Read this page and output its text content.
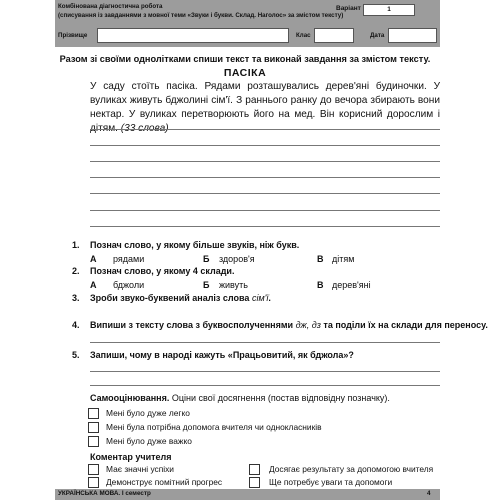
Комбінована діагностична робота
(списування із завданнями з мовної теми «Звуки і букви. Склад. Наголос» за змістом тексту)
Варіант	1
Прізвище	Клас	Дата
Разом зі своїми однолітками спиши текст та виконай завдання за змістом тексту.
ПАСІКА
У саду стоїть пасіка. Рядами розташувались дерев'яні будиночки. У вуликах живуть бджолині сім'ї. З раннього ранку до вечора збирають вони нектар. У вуликах перетворюють його на мед. Він корисний дорослим і дітям. (33 слова)
1. Познач слово, у якому більше звуків, ніж букв.
А рядами	Б здоров'я	В дітям
2. Познач слово, у якому 4 склади.
А бджоли	Б живуть	В дерев'яні
3. Зроби звуко-буквений аналіз слова сім'ї.
4. Випиши з тексту слова з буквосполученнями дж, дз та поділи їх на склади для переносу.
5. Запиши, чому в народі кажуть «Працьовитий, як бджола»?
Самооцінювання. Оціни свої досягнення (постав відповідну позначку).
Мені було дуже легко
Мені була потрібна допомога вчителя чи однокласників
Мені було дуже важко
Коментар учителя
Має значні успіхи
Демонструє помітний прогрес
Досягає результату за допомогою вчителя
Ще потребує уваги та допомоги
УКРАЇНСЬКА МОВА. I семестр	4
